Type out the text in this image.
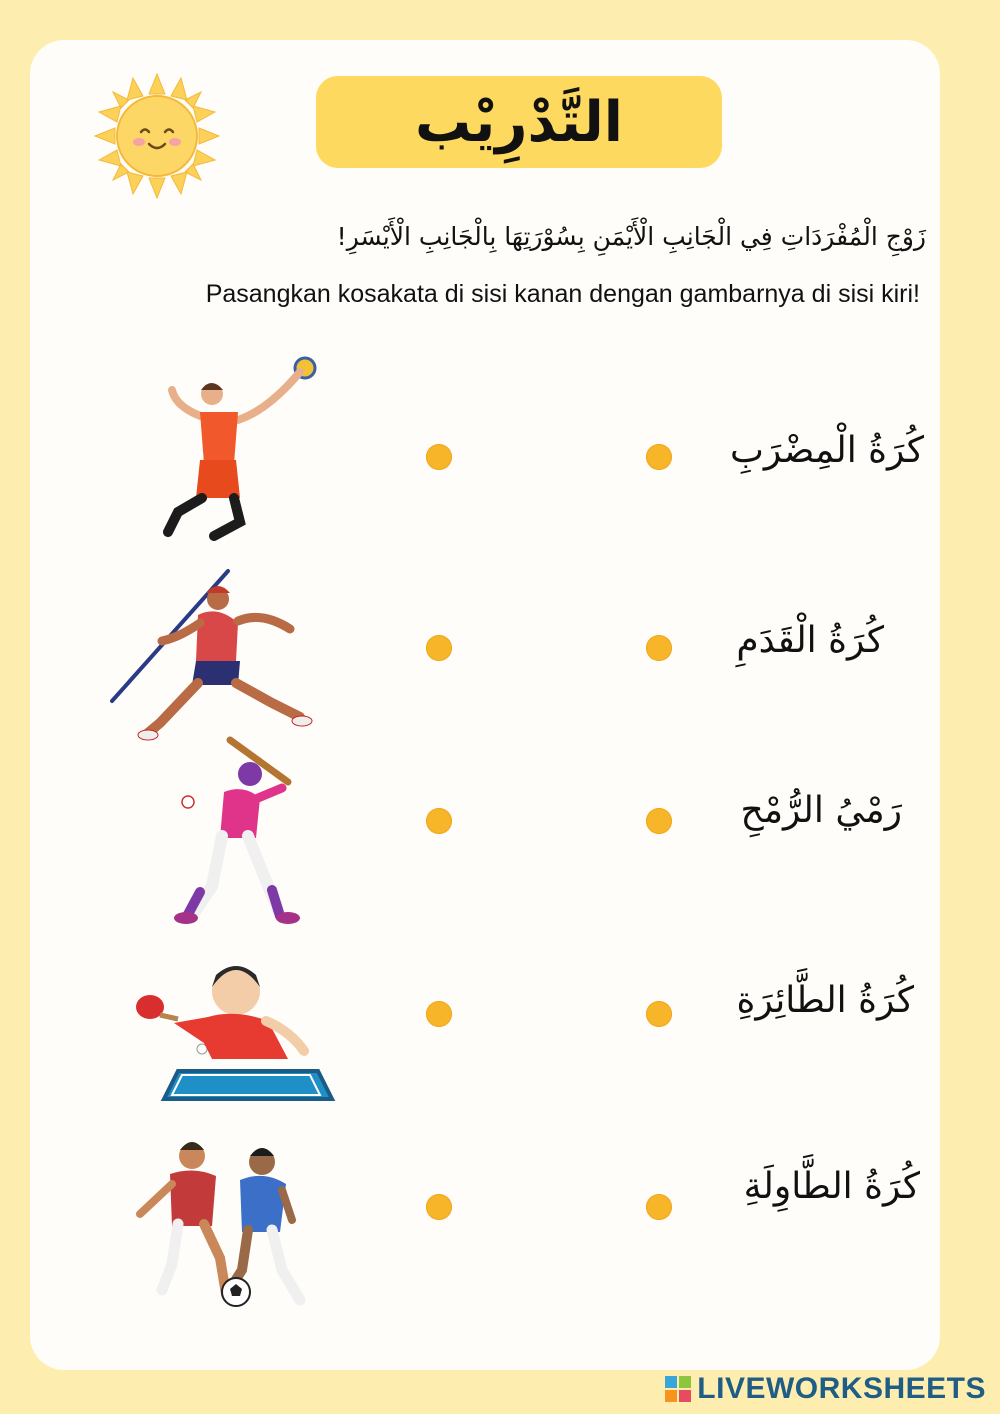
التَّدْرِيْب
زَوْجِ الْمُفْرَدَاتِ فِي الْجَانِبِ الْأَيْمَنِ بِسُوْرَتِهَا بِالْجَانِبِ الْأَيْسَرِ!
Pasangkan kosakata di sisi kanan dengan gambarnya di sisi kiri!
كُرَةُ الْمِضْرَبِ
كُرَةُ الْقَدَمِ
رَمْيُ الرُّمْحِ
كُرَةُ الطَّائِرَةِ
كُرَةُ الطَّاوِلَةِ
LIVEWORKSHEETS
